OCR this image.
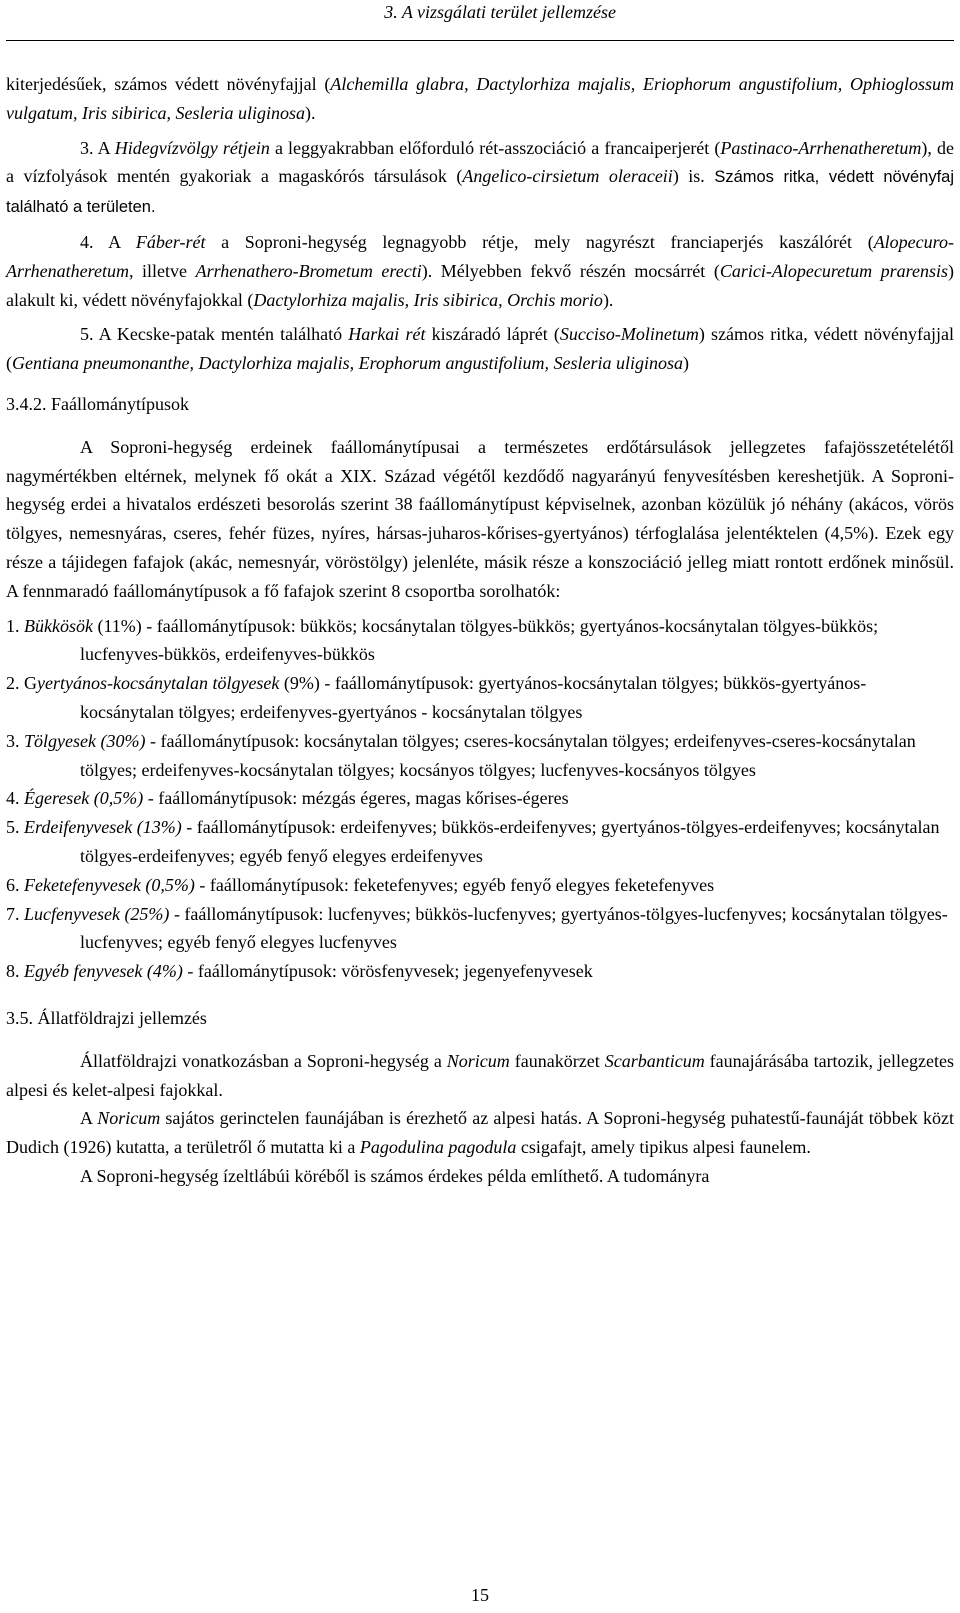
3. A vizsgálati terület jellemzése

kiterjedésűek, számos védett növényfajjal (Alchemilla glabra, Dactylorhiza majalis, Eriophorum angustifolium, Ophioglossum vulgatum, Iris sibirica, Sesleria uliginosa).

3. A Hidegvízvölgy rétjein a leggyakrabban előforduló rét-asszociáció a francaiperjerét (Pastinaco-Arrhenatheretum), de a vízfolyások mentén gyakoriak a magaskórós társulások (Angelico-cirsietum oleraceii) is. Számos ritka, védett növényfaj található a területen.

4. A Fáber-rét a Soproni-hegység legnagyobb rétje, mely nagyrészt franciaperjés kaszálórét (Alopecuro-Arrhenatheretum, illetve Arrhenathero-Brometum erecti). Mélyebben fekvő részén mocsárrét (Carici-Alopecuretum prarensis) alakult ki, védett növényfajokkal (Dactylorhiza majalis, Iris sibirica, Orchis morio).

5. A Kecske-patak mentén található Harkai rét kiszáradó láprét (Succiso-Molinetum) számos ritka, védett növényfajjal (Gentiana pneumonanthe, Dactylorhiza majalis, Erophorum angustifolium, Sesleria uliginosa)

3.4.2. Faállománytípusok

A Soproni-hegység erdeinek faállománytípusai a természetes erdőtársulások jellegzetes fafajösszetételétől nagymértékben eltérnek, melynek fő okát a XIX. Század végétől kezdődő nagyarányú fenyvesítésben kereshetjük. A Soproni-hegység erdei a hivatalos erdészeti besorolás szerint 38 faállománytípust képviselnek, azonban közülük jó néhány (akácos, vörös tölgyes, nemesnyáras, cseres, fehér füzes, nyíres, hársas-juharos-kőrises-gyertyános) térfoglalása jelentéktelen (4,5%). Ezek egy része a tájidegen fafajok (akác, nemesnyár, vöröstölgy) jelenléte, másik része a konszociáció jelleg miatt rontott erdőnek minősül. A fennmaradó faállománytípusok a fő fafajok szerint 8 csoportba sorolhatók:

1. Bükkösök (11%) - faállománytípusok: bükkös; kocsánytalan tölgyes-bükkös; gyertyános-kocsánytalan tölgyes-bükkös; lucfenyves-bükkös, erdeifenyves-bükkös

2. Gyertyános-kocsánytalan tölgyesek (9%) - faállománytípusok: gyertyános-kocsánytalan tölgyes; bükkös-gyertyános-kocsánytalan tölgyes; erdeifenyves-gyertyános - kocsánytalan tölgyes

3. Tölgyesek (30%) - faállománytípusok: kocsánytalan tölgyes; cseres-kocsánytalan tölgyes; erdeifenyves-cseres-kocsánytalan tölgyes; erdeifenyves-kocsánytalan tölgyes; kocsányos tölgyes; lucfenyves-kocsányos tölgyes

4. Égeresek (0,5%) - faállománytípusok: mézgás égeres, magas kőrises-égeres

5. Erdeifenyvesek (13%) - faállománytípusok: erdeifenyves; bükkös-erdeifenyves; gyertyános-tölgyes-erdeifenyves; kocsánytalan tölgyes-erdeifenyves; egyéb fenyő elegyes erdeifenyves

6. Feketefenyvesek (0,5%) - faállománytípusok: feketefenyves; egyéb fenyő elegyes feketefenyves

7. Lucfenyvesek (25%) - faállománytípusok: lucfenyves; bükkös-lucfenyves; gyertyános-tölgyes-lucfenyves; kocsánytalan tölgyes-lucfenyves; egyéb fenyő elegyes lucfenyves

8. Egyéb fenyvesek (4%) - faállománytípusok: vörösfenyvesek; jegenyefenyvesek

3.5. Állatföldrajzi jellemzés

Állatföldrajzi vonatkozásban a Soproni-hegység a Noricum faunakörzet Scarbanticum faunajárásába tartozik, jellegzetes alpesi és kelet-alpesi fajokkal.

A Noricum sajátos gerinctelen faunájában is érezhető az alpesi hatás. A Soproni-hegység puhatestű-faunáját többek közt Dudich (1926) kutatta, a területről ő mutatta ki a Pagodulina pagodula csigafajt, amely tipikus alpesi faunelem.

A Soproni-hegység ízeltlábúi köréből is számos érdekes példa említhető. A tudományra

15
